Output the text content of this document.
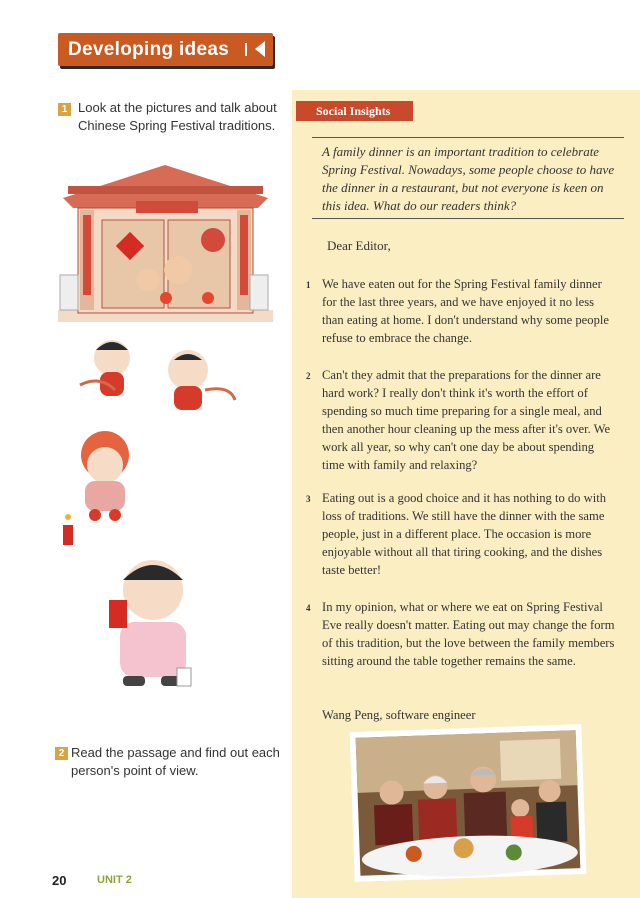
Developing ideas
1 Look at the pictures and talk about Chinese Spring Festival traditions.
2 Read the passage and find out each person's point of view.
Social Insights
A family dinner is an important tradition to celebrate Spring Festival. Nowadays, some people choose to have the dinner in a restaurant, but not everyone is keen on this idea. What do our readers think?
Dear Editor,
1 We have eaten out for the Spring Festival family dinner for the last three years, and we have enjoyed it no less than eating at home. I don't understand why some people refuse to embrace the change.
2 Can't they admit that the preparations for the dinner are hard work? I really don't think it's worth the effort of spending so much time preparing for a single meal, and then another hour cleaning up the mess after it's over. We work all year, so why can't one day be about spending time with family and relaxing?
3 Eating out is a good choice and it has nothing to do with loss of traditions. We still have the dinner with the same people, just in a different place. The occasion is more enjoyable without all that tiring cooking, and the dishes taste better!
4 In my opinion, what or where we eat on Spring Festival Eve really doesn't matter. Eating out may change the form of this tradition, but the love between the family members sitting around the table together remains the same.
Wang Peng, software engineer
20	UNIT 2
